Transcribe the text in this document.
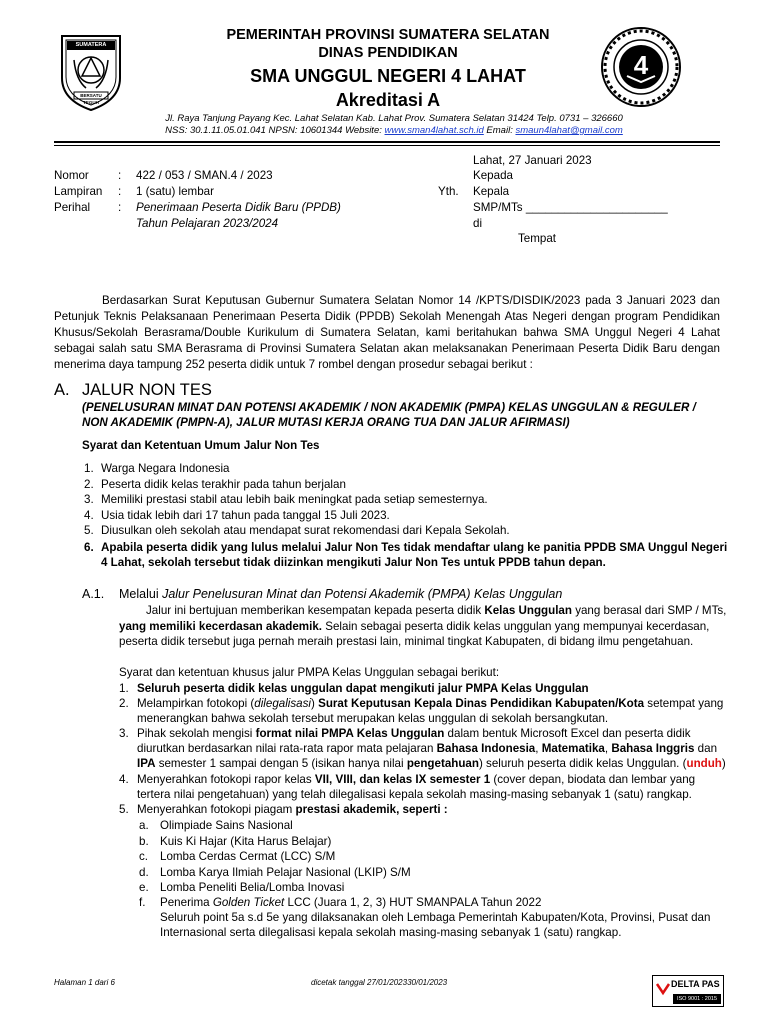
SUMATERA SELATAN
BERSATU TEGUH
4
PEMERINTAH PROVINSI SUMATERA SELATAN
DINAS PENDIDIKAN
SMA UNGGUL NEGERI 4 LAHAT
Akreditasi A
Jl. Raya Tanjung Payang Kec. Lahat Selatan Kab. Lahat Prov. Sumatera Selatan 31424 Telp. 0731 – 326660
NSS: 30.1.11.05.01.041 NPSN: 10601344 Website: www.sman4lahat.sch.id Email: smaun4lahat@gmail.com
Lahat, 27 Januari 2023
Kepada
Nomor	: 422 / 053 / SMAN.4 / 2023
Lampiran : 1 (satu) lembar	Yth. Kepala
Perihal : Penerimaan Peserta Didik Baru (PPDB)
Tahun Pelajaran 2023/2024
SMP/MTs ______________________
di
Tempat
Berdasarkan Surat Keputusan Gubernur Sumatera Selatan Nomor 14 /KPTS/DISDIK/2023 pada 3 Januari 2023 dan Petunjuk Teknis Pelaksanaan Penerimaan Peserta Didik (PPDB) Sekolah Menengah Atas Negeri dengan program Pendidikan Khusus/Sekolah Berasrama/Double Kurikulum di Sumatera Selatan, kami beritahukan bahwa SMA Unggul Negeri 4 Lahat sebagai salah satu SMA Berasrama di Provinsi Sumatera Selatan akan melaksanakan Penerimaan Peserta Didik Baru dengan menerima daya tampung 252 peserta didik untuk 7 rombel dengan prosedur sebagai berikut :
A. JALUR NON TES
(PENELUSURAN MINAT DAN POTENSI AKADEMIK / NON AKADEMIK (PMPA) KELAS UNGGULAN & REGULER / NON AKADEMIK (PMPN-A), JALUR MUTASI KERJA ORANG TUA DAN JALUR AFIRMASI)
Syarat dan Ketentuan Umum Jalur Non Tes
1. Warga Negara Indonesia
2. Peserta didik kelas terakhir pada tahun berjalan
3. Memiliki prestasi stabil atau lebih baik meningkat pada setiap semesternya.
4. Usia tidak lebih dari 17 tahun pada tanggal 15 Juli 2023.
5. Diusulkan oleh sekolah atau mendapat surat rekomendasi dari Kepala Sekolah.
6. Apabila peserta didik yang lulus melalui Jalur Non Tes tidak mendaftar ulang ke panitia PPDB SMA Unggul Negeri
4 Lahat, sekolah tersebut tidak diizinkan mengikuti Jalur Non Tes untuk PPDB tahun depan.
A.1. Melalui Jalur Penelusuran Minat dan Potensi Akademik (PMPA) Kelas Unggulan
Jalur ini bertujuan memberikan kesempatan kepada peserta didik Kelas Unggulan yang berasal dari SMP / MTs,
yang memiliki kecerdasan akademik. Selain sebagai peserta didik kelas unggulan yang mempunyai kecerdasan,
peserta didik tersebut juga pernah meraih prestasi lain, minimal tingkat Kabupaten, di bidang ilmu pengetahuan.
Syarat dan ketentuan khusus jalur PMPA Kelas Unggulan sebagai berikut:
1. Seluruh peserta didik kelas unggulan dapat mengikuti jalur PMPA Kelas Unggulan
2. Melampirkan fotokopi (dilegalisasi) Surat Keputusan Kepala Dinas Pendidikan Kabupaten/Kota setempat yang
menerangkan bahwa sekolah tersebut merupakan kelas unggulan di sekolah bersangkutan.
3. Pihak sekolah mengisi format nilai PMPA Kelas Unggulan dalam bentuk Microsoft Excel dan peserta didik
diurutkan berdasarkan nilai rata-rata rapor mata pelajaran Bahasa Indonesia, Matematika, Bahasa Inggris dan
IPA semester 1 sampai dengan 5 (isikan hanya nilai pengetahuan) seluruh peserta didik kelas Unggulan. (unduh)
4. Menyerahkan fotokopi rapor kelas VII, VIII, dan kelas IX semester 1 (cover depan, biodata dan lembar yang
tertera nilai pengetahuan) yang telah dilegalisasi kepala sekolah masing-masing sebanyak 1 (satu) rangkap.
5. Menyerahkan fotokopi piagam prestasi akademik, seperti :
a. Olimpiade Sains Nasional
b. Kuis Ki Hajar (Kita Harus Belajar)
c. Lomba Cerdas Cermat (LCC) S/M
d. Lomba Karya Ilmiah Pelajar Nasional (LKIP) S/M
e. Lomba Peneliti Belia/Lomba Inovasi
f. Penerima Golden Ticket LCC (Juara 1, 2, 3) HUT SMANPALA Tahun 2022
Seluruh point 5a s.d 5e yang dilaksanakan oleh Lembaga Pemerintah Kabupaten/Kota, Provinsi, Pusat dan
Internasional serta dilegalisasi kepala sekolah masing-masing sebanyak 1 (satu) rangkap.
Halaman 1 dari 6	dicetak tanggal 27/01/202330/01/2023	DELTA PAS
ISO 9001 : 2015
